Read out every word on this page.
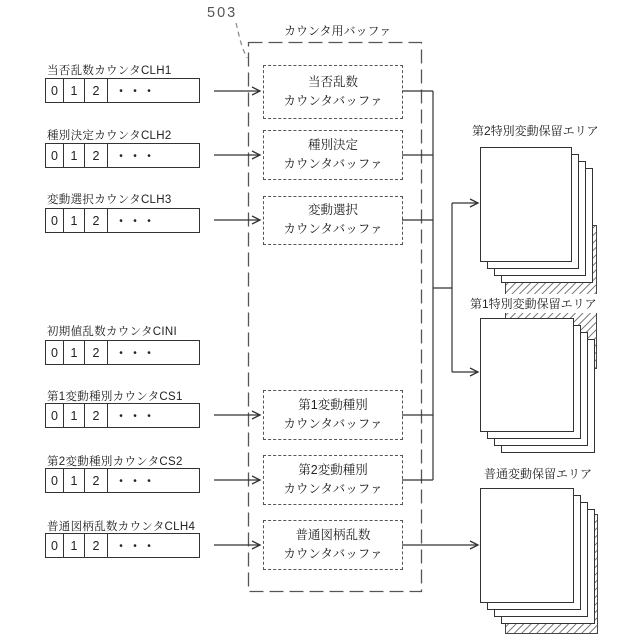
503
カウンタ用バッファ
当否乱数カウンタCLH1
0	1	2	・・・
種別決定カウンタCLH2
0	1	2	・・・
変動選択カウンタCLH3
0	1	2	・・・
初期値乱数カウンタCINI
0	1	2	・・・
第1変動種別カウンタCS1
0	1	2	・・・
第2変動種別カウンタCS2
0	1	2	・・・
普通図柄乱数カウンタCLH4
0	1	2	・・・
当否乱数
カウンタバッファ
種別決定
カウンタバッファ
変動選択
カウンタバッファ
第1変動種別
カウンタバッファ
第2変動種別
カウンタバッファ
普通図柄乱数
カウンタバッファ
第2特別変動保留エリア
第1特別変動保留エリア
普通変動保留エリア
